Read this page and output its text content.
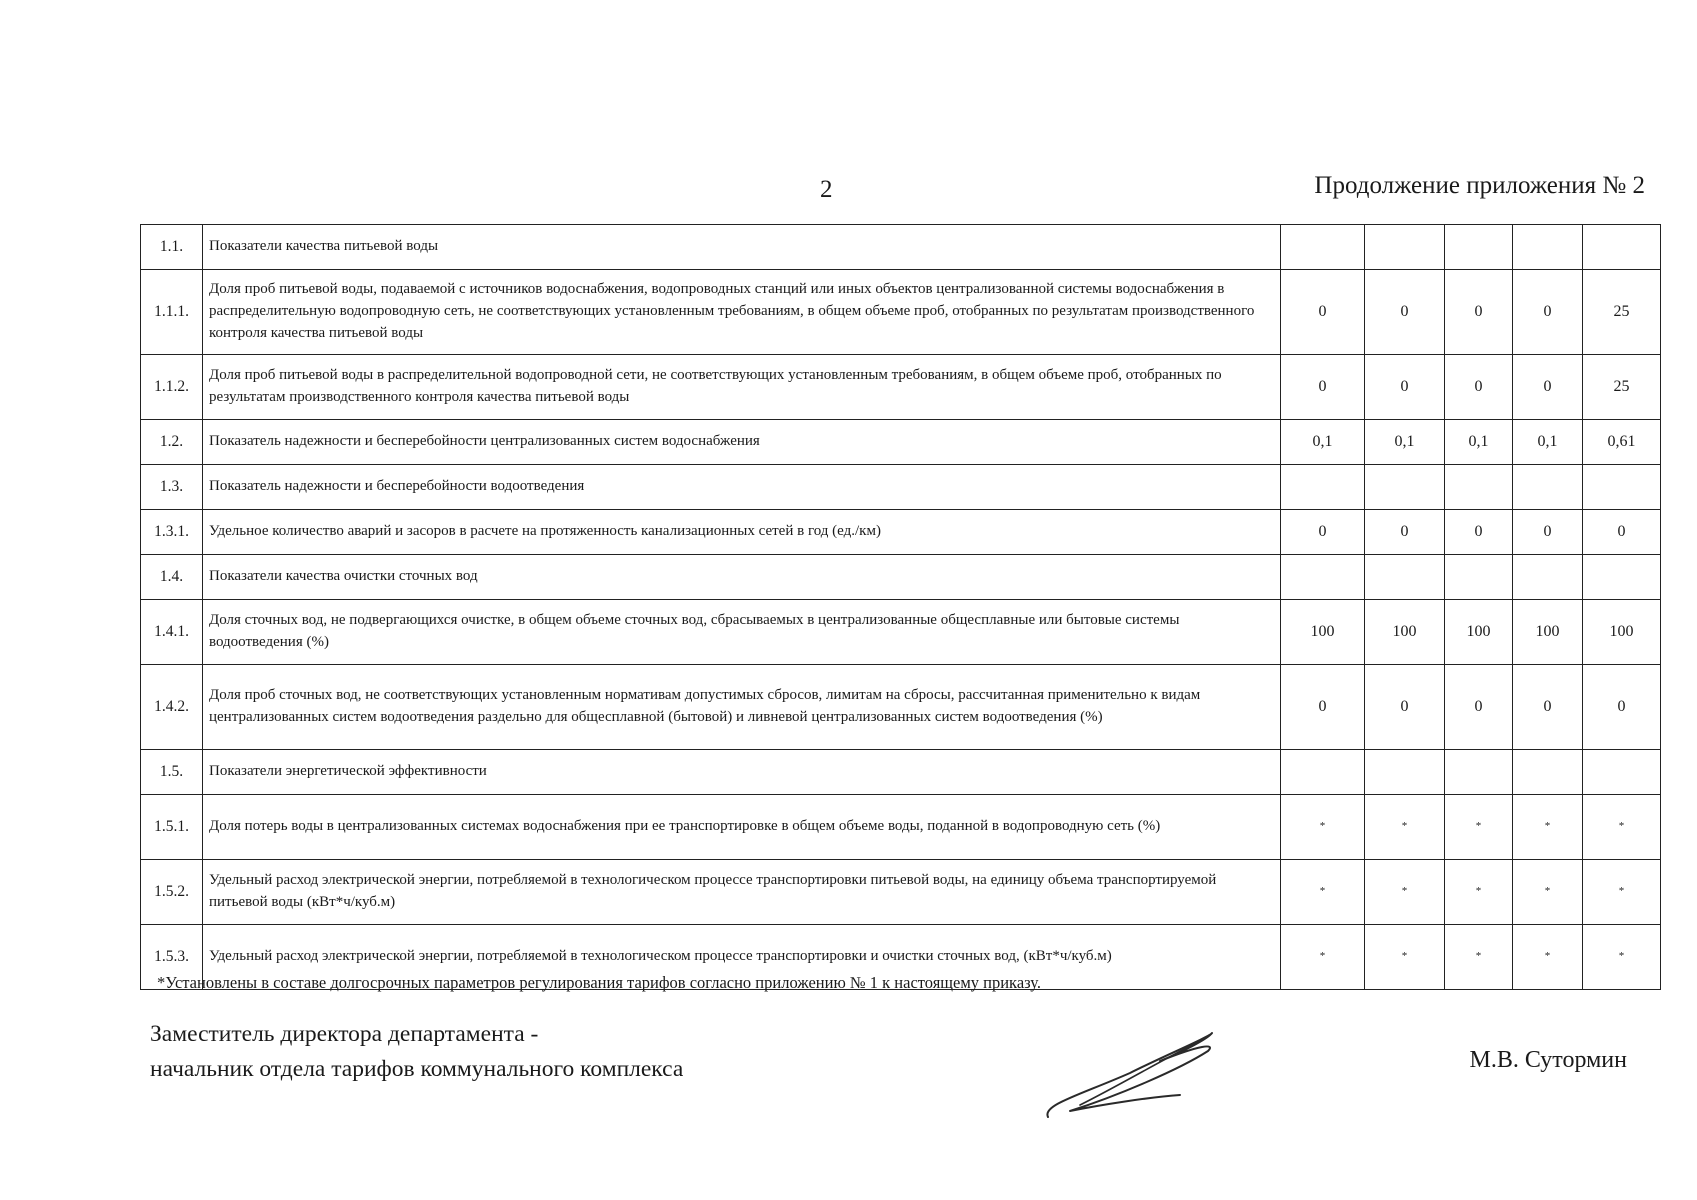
2	Продолжение приложения № 2
1.1.	Показатели качества питьевой воды					
1.1.1.	Доля проб питьевой воды, подаваемой с источников водоснабжения, водопроводных станций или иных объектов централизованной системы водоснабжения в распределительную водопроводную сеть, не соответствующих установленным требованиям, в общем объеме проб, отобранных по результатам производственного контроля качества питьевой воды	0	0	0	0	25
1.1.2.	Доля проб питьевой воды в распределительной водопроводной сети, не соответствующих установленным требованиям, в общем объеме проб, отобранных по результатам производственного контроля качества питьевой воды	0	0	0	0	25
1.2.	Показатель надежности и бесперебойности централизованных систем водоснабжения	0,1	0,1	0,1	0,1	0,61
1.3.	Показатель надежности и бесперебойности водоотведения					
1.3.1.	Удельное количество аварий и засоров в расчете на протяженность канализационных сетей в год (ед./км)	0	0	0	0	0
1.4.	Показатели качества очистки сточных вод					
1.4.1.	Доля сточных вод, не подвергающихся очистке, в общем объеме сточных вод, сбрасываемых в централизованные общесплавные или бытовые системы водоотведения (%)	100	100	100	100	100
1.4.2.	Доля проб сточных вод, не соответствующих установленным нормативам допустимых сбросов, лимитам на сбросы, рассчитанная применительно к видам централизованных систем водоотведения раздельно для общесплавной (бытовой) и ливневой централизованных систем водоотведения (%)	0	0	0	0	0
1.5.	Показатели энергетической эффективности					
1.5.1.	Доля потерь воды в централизованных системах водоснабжения при ее транспортировке в общем объеме воды, поданной в водопроводную сеть (%)	*	*	*	*	*
1.5.2.	Удельный расход электрической энергии, потребляемой в технологическом процессе транспортировки питьевой воды, на единицу объема транспортируемой питьевой воды (кВт*ч/куб.м)	*	*	*	*	*
1.5.3.	Удельный расход электрической энергии, потребляемой в технологическом процессе транспортировки и очистки сточных вод, (кВт*ч/куб.м)	*	*	*	*	*
*Установлены в составе долгосрочных параметров регулирования тарифов согласно приложению № 1 к настоящему приказу.
Заместитель директора департамента -
начальник отдела тарифов коммунального комплекса	М.В. Сутормин
